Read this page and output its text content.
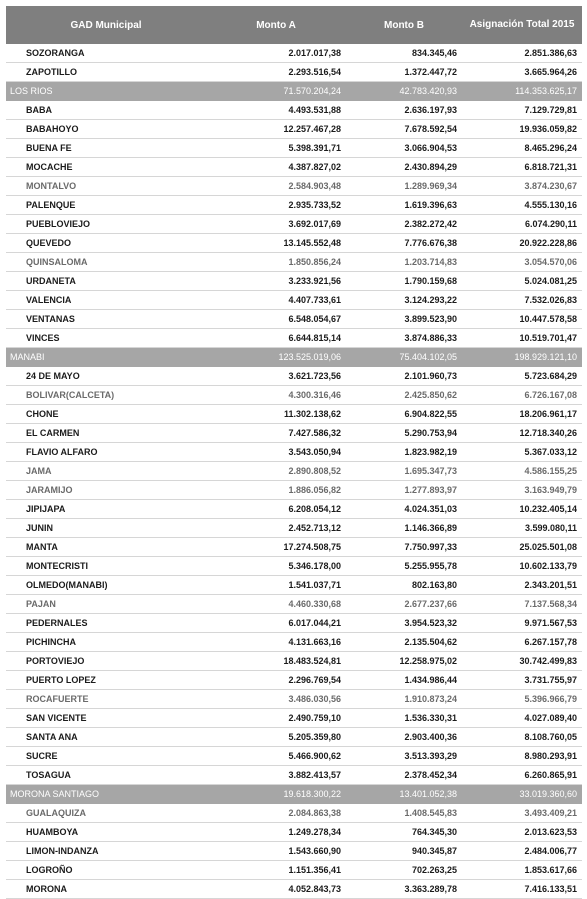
GAD Municipal	Monto A	Monto B	Asignación Total 2015
SOZORANGA	2.017.017,38	834.345,46	2.851.386,63
ZAPOTILLO	2.293.516,54	1.372.447,72	3.665.964,26
LOS RIOS	71.570.204,24	42.783.420,93	114.353.625,17
BABA	4.493.531,88	2.636.197,93	7.129.729,81
BABAHOYO	12.257.467,28	7.678.592,54	19.936.059,82
BUENA FE	5.398.391,71	3.066.904,53	8.465.296,24
MOCACHE	4.387.827,02	2.430.894,29	6.818.721,31
MONTALVO	2.584.903,48	1.289.969,34	3.874.230,67
PALENQUE	2.935.733,52	1.619.396,63	4.555.130,16
PUEBLOVIEJO	3.692.017,69	2.382.272,42	6.074.290,11
QUEVEDO	13.145.552,48	7.776.676,38	20.922.228,86
QUINSALOMA	1.850.856,24	1.203.714,83	3.054.570,06
URDANETA	3.233.921,56	1.790.159,68	5.024.081,25
VALENCIA	4.407.733,61	3.124.293,22	7.532.026,83
VENTANAS	6.548.054,67	3.899.523,90	10.447.578,58
VINCES	6.644.815,14	3.874.886,33	10.519.701,47
MANABI	123.525.019,06	75.404.102,05	198.929.121,10
24 DE MAYO	3.621.723,56	2.101.960,73	5.723.684,29
BOLIVAR(CALCETA)	4.300.316,46	2.425.850,62	6.726.167,08
CHONE	11.302.138,62	6.904.822,55	18.206.961,17
EL CARMEN	7.427.586,32	5.290.753,94	12.718.340,26
FLAVIO ALFARO	3.543.050,94	1.823.982,19	5.367.033,12
JAMA	2.890.808,52	1.695.347,73	4.586.155,25
JARAMIJO	1.886.056,82	1.277.893,97	3.163.949,79
JIPIJAPA	6.208.054,12	4.024.351,03	10.232.405,14
JUNIN	2.452.713,12	1.146.366,89	3.599.080,11
MANTA	17.274.508,75	7.750.997,33	25.025.501,08
MONTECRISTI	5.346.178,00	5.255.955,78	10.602.133,79
OLMEDO(MANABI)	1.541.037,71	802.163,80	2.343.201,51
PAJAN	4.460.330,68	2.677.237,66	7.137.568,34
PEDERNALES	6.017.044,21	3.954.523,32	9.971.567,53
PICHINCHA	4.131.663,16	2.135.504,62	6.267.157,78
PORTOVIEJO	18.483.524,81	12.258.975,02	30.742.499,83
PUERTO LOPEZ	2.296.769,54	1.434.986,44	3.731.755,97
ROCAFUERTE	3.486.030,56	1.910.873,24	5.396.966,79
SAN VICENTE	2.490.759,10	1.536.330,31	4.027.089,40
SANTA ANA	5.205.359,80	2.903.400,36	8.108.760,05
SUCRE	5.466.900,62	3.513.393,29	8.980.293,91
TOSAGUA	3.882.413,57	2.378.452,34	6.260.865,91
MORONA SANTIAGO	19.618.300,22	13.401.052,38	33.019.360,60
GUALAQUIZA	2.084.863,38	1.408.545,83	3.493.409,21
HUAMBOYA	1.249.278,34	764.345,30	2.013.623,53
LIMON-INDANZA	1.543.660,90	940.345,87	2.484.006,77
LOGROÑO	1.151.356,41	702.263,25	1.853.617,66
MORONA	4.052.843,73	3.363.289,78	7.416.133,51
